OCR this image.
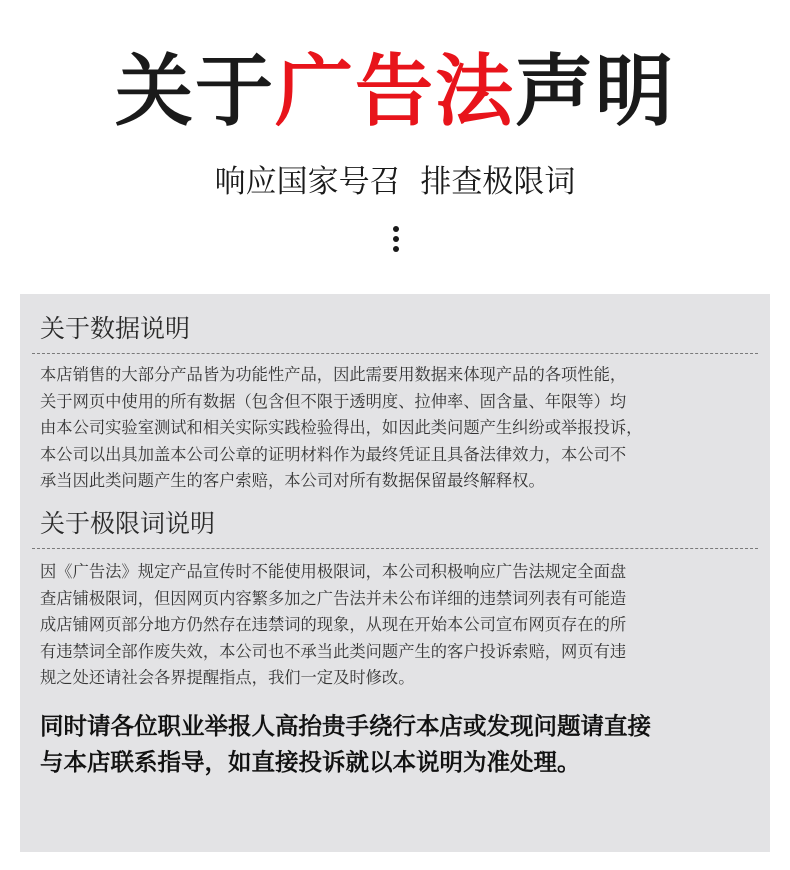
关于广告法声明
响应国家号召  排查极限词
关于数据说明
本店销售的大部分产品皆为功能性产品，因此需要用数据来体现产品的各项性能，
关于网页中使用的所有数据（包含但不限于透明度、拉伸率、固含量、年限等）均
由本公司实验室测试和相关实际实践检验得出，如因此类问题产生纠纷或举报投诉，
本公司以出具加盖本公司公章的证明材料作为最终凭证且具备法律效力，本公司不
承当因此类问题产生的客户索赔，本公司对所有数据保留最终解释权。
关于极限词说明
因《广告法》规定产品宣传时不能使用极限词，本公司积极响应广告法规定全面盘
查店铺极限词，但因网页内容繁多加之广告法并未公布详细的违禁词列表有可能造
成店铺网页部分地方仍然存在违禁词的现象，从现在开始本公司宣布网页存在的所
有违禁词全部作废失效，本公司也不承当此类问题产生的客户投诉索赔，网页有违
规之处还请社会各界提醒指点，我们一定及时修改。
同时请各位职业举报人高抬贵手绕行本店或发现问题请直接
与本店联系指导，如直接投诉就以本说明为准处理。
